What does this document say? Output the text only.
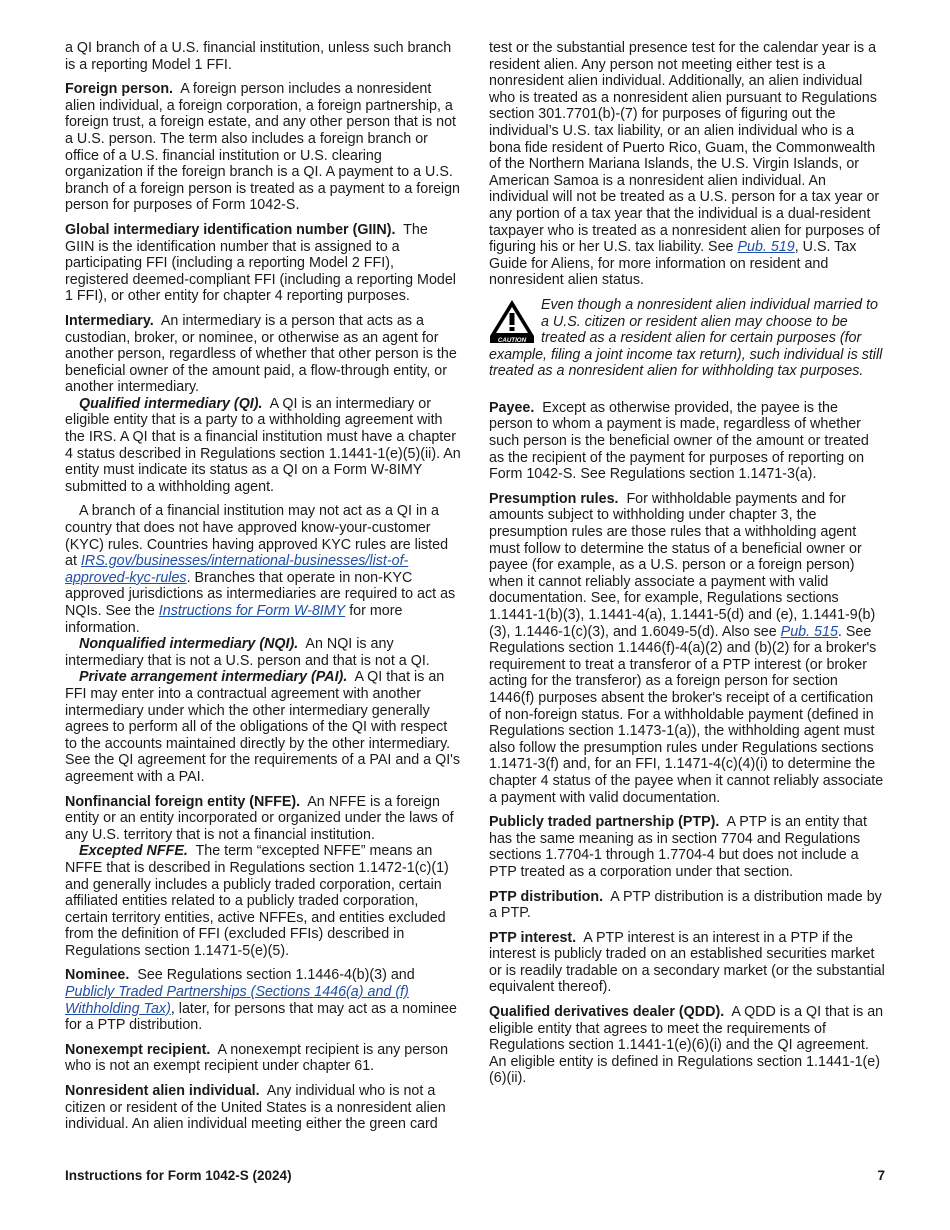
a QI branch of a U.S. financial institution, unless such branch is a reporting Model 1 FFI.

Foreign person. A foreign person includes a nonresident alien individual, a foreign corporation, a foreign partnership, a foreign trust, a foreign estate, and any other person that is not a U.S. person. The term also includes a foreign branch or office of a U.S. financial institution or U.S. clearing organization if the foreign branch is a QI. A payment to a U.S. branch of a foreign person is treated as a payment to a foreign person for purposes of Form 1042-S.

Global intermediary identification number (GIIN). The GIIN is the identification number that is assigned to a participating FFI (including a reporting Model 2 FFI), registered deemed-compliant FFI (including a reporting Model 1 FFI), or other entity for chapter 4 reporting purposes.

Intermediary. An intermediary is a person that acts as a custodian, broker, or nominee, or otherwise as an agent for another person, regardless of whether that other person is the beneficial owner of the amount paid, a flow-through entity, or another intermediary.

Qualified intermediary (QI). A QI is an intermediary or eligible entity that is a party to a withholding agreement with the IRS. A QI that is a financial institution must have a chapter 4 status described in Regulations section 1.1441-1(e)(5)(ii). An entity must indicate its status as a QI on a Form W-8IMY submitted to a withholding agent.

A branch of a financial institution may not act as a QI in a country that does not have approved know-your-customer (KYC) rules. Countries having approved KYC rules are listed at IRS.gov/businesses/international-businesses/list-of-approved-kyc-rules. Branches that operate in non-KYC approved jurisdictions as intermediaries are required to act as NQIs. See the Instructions for Form W-8IMY for more information.

Nonqualified intermediary (NQI). An NQI is any intermediary that is not a U.S. person and that is not a QI.

Private arrangement intermediary (PAI). A QI that is an FFI may enter into a contractual agreement with another intermediary under which the other intermediary generally agrees to perform all of the obligations of the QI with respect to the accounts maintained directly by the other intermediary. See the QI agreement for the requirements of a PAI and a QI's agreement with a PAI.

Nonfinancial foreign entity (NFFE). An NFFE is a foreign entity or an entity incorporated or organized under the laws of any U.S. territory that is not a financial institution.

Excepted NFFE. The term “excepted NFFE” means an NFFE that is described in Regulations section 1.1472-1(c)(1) and generally includes a publicly traded corporation, certain affiliated entities related to a publicly traded corporation, certain territory entities, active NFFEs, and entities excluded from the definition of FFI (excluded FFIs) described in Regulations section 1.1471-5(e)(5).

Nominee. See Regulations section 1.1446-4(b)(3) and Publicly Traded Partnerships (Sections 1446(a) and (f) Withholding Tax), later, for persons that may act as a nominee for a PTP distribution.

Nonexempt recipient. A nonexempt recipient is any person who is not an exempt recipient under chapter 61.

Nonresident alien individual. Any individual who is not a citizen or resident of the United States is a nonresident alien individual. An alien individual meeting either the green card

test or the substantial presence test for the calendar year is a resident alien. Any person not meeting either test is a nonresident alien individual. Additionally, an alien individual who is treated as a nonresident alien pursuant to Regulations section 301.7701(b)-(7) for purposes of figuring out the individual’s U.S. tax liability, or an alien individual who is a bona fide resident of Puerto Rico, Guam, the Commonwealth of the Northern Mariana Islands, the U.S. Virgin Islands, or American Samoa is a nonresident alien individual. An individual will not be treated as a U.S. person for a tax year or any portion of a tax year that the individual is a dual-resident taxpayer who is treated as a nonresident alien for purposes of figuring his or her U.S. tax liability. See Pub. 519, U.S. Tax Guide for Aliens, for more information on resident and nonresident alien status.

CAUTION
Even though a nonresident alien individual married to a U.S. citizen or resident alien may choose to be treated as a resident alien for certain purposes (for example, filing a joint income tax return), such individual is still treated as a nonresident alien for withholding tax purposes.

Payee. Except as otherwise provided, the payee is the person to whom a payment is made, regardless of whether such person is the beneficial owner of the amount or treated as the recipient of the payment for purposes of reporting on Form 1042-S. See Regulations section 1.1471-3(a).

Presumption rules. For withholdable payments and for amounts subject to withholding under chapter 3, the presumption rules are those rules that a withholding agent must follow to determine the status of a beneficial owner or payee (for example, as a U.S. person or a foreign person) when it cannot reliably associate a payment with valid documentation. See, for example, Regulations sections 1.1441-1(b)(3), 1.1441-4(a), 1.1441-5(d) and (e), 1.1441-9(b)(3), 1.1446-1(c)(3), and 1.6049-5(d). Also see Pub. 515. See Regulations section 1.1446(f)-4(a)(2) and (b)(2) for a broker's requirement to treat a transferor of a PTP interest (or broker acting for the transferor) as a foreign person for section 1446(f) purposes absent the broker's receipt of a certification of non-foreign status. For a withholdable payment (defined in Regulations section 1.1473-1(a)), the withholding agent must also follow the presumption rules under Regulations sections 1.1471-3(f) and, for an FFI, 1.1471-4(c)(4)(i) to determine the chapter 4 status of the payee when it cannot reliably associate a payment with valid documentation.

Publicly traded partnership (PTP). A PTP is an entity that has the same meaning as in section 7704 and Regulations sections 1.7704-1 through 1.7704-4 but does not include a PTP treated as a corporation under that section.

PTP distribution. A PTP distribution is a distribution made by a PTP.

PTP interest. A PTP interest is an interest in a PTP if the interest is publicly traded on an established securities market or is readily tradable on a secondary market (or the substantial equivalent thereof).

Qualified derivatives dealer (QDD). A QDD is a QI that is an eligible entity that agrees to meet the requirements of Regulations section 1.1441-1(e)(6)(i) and the QI agreement. An eligible entity is defined in Regulations section 1.1441-1(e)(6)(ii).

Instructions for Form 1042-S (2024)	7
